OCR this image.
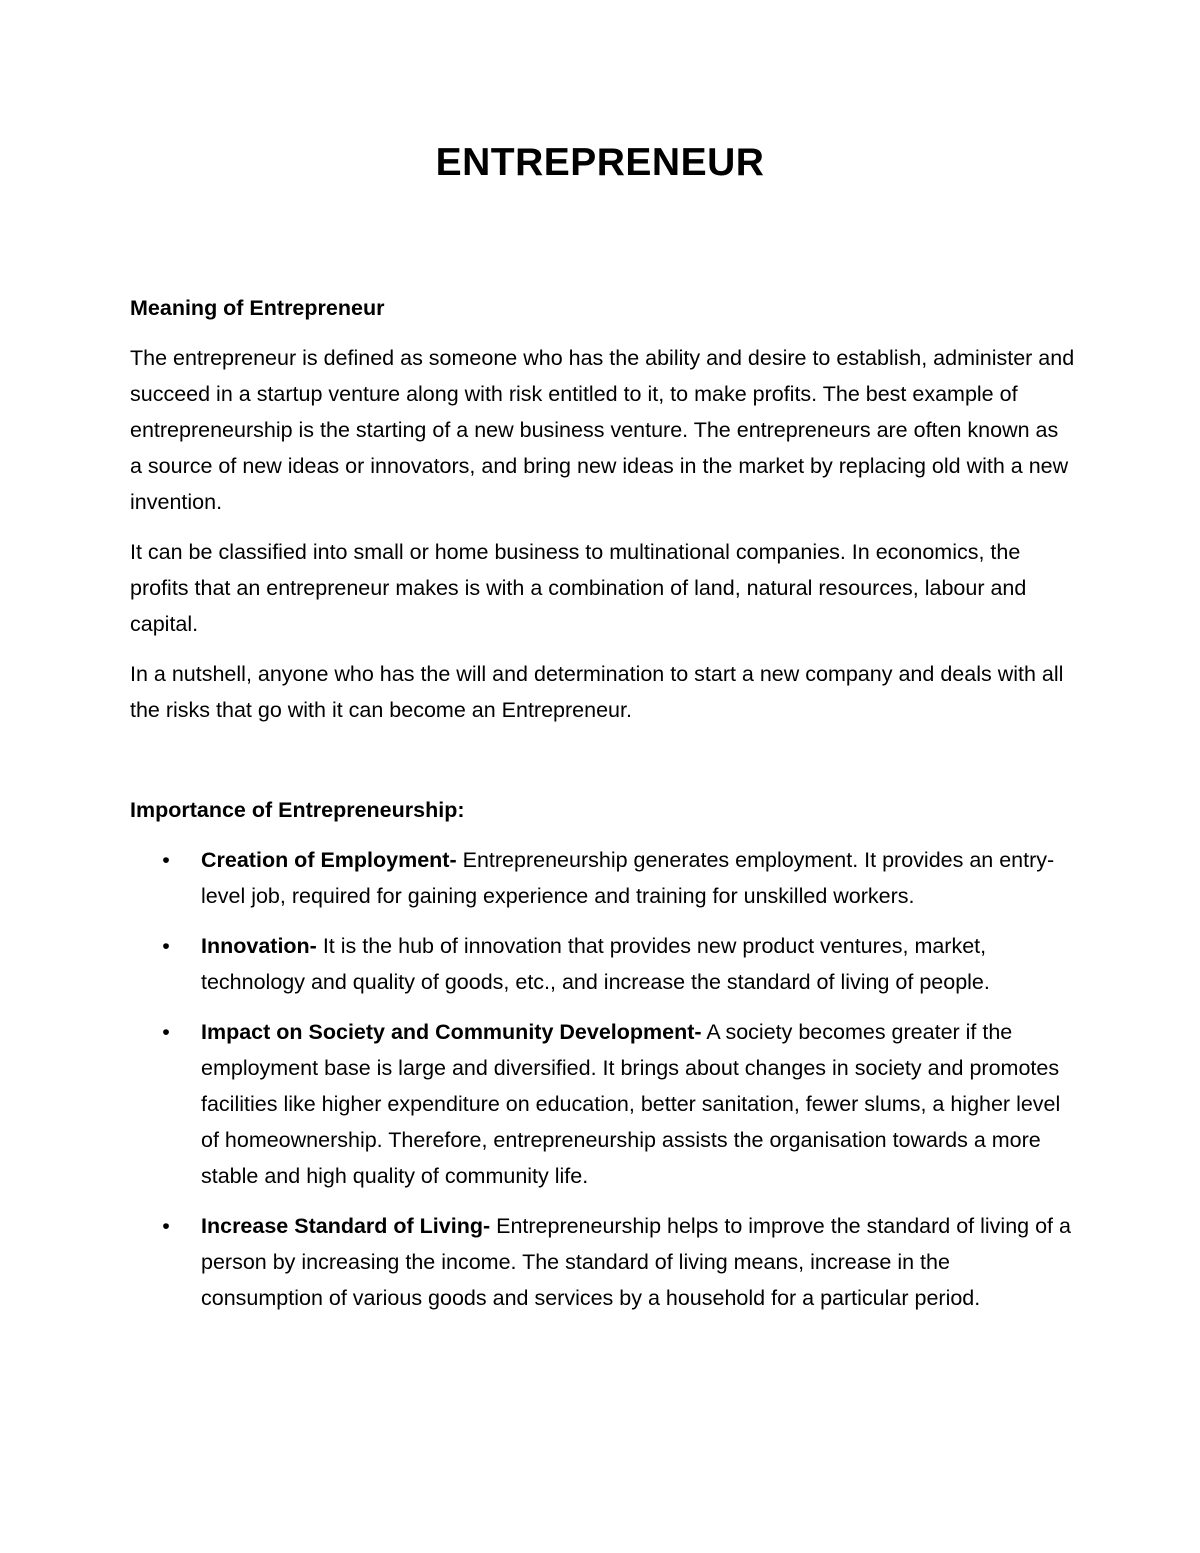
ENTREPRENEUR

Meaning of Entrepreneur

The entrepreneur is defined as someone who has the ability and desire to establish, administer and succeed in a startup venture along with risk entitled to it, to make profits. The best example of entrepreneurship is the starting of a new business venture. The entrepreneurs are often known as a source of new ideas or innovators, and bring new ideas in the market by replacing old with a new invention.

It can be classified into small or home business to multinational companies. In economics, the profits that an entrepreneur makes is with a combination of land, natural resources, labour and capital.

In a nutshell, anyone who has the will and determination to start a new company and deals with all the risks that go with it can become an Entrepreneur.

Importance of Entrepreneurship:

• Creation of Employment- Entrepreneurship generates employment. It provides an entry-level job, required for gaining experience and training for unskilled workers.
• Innovation- It is the hub of innovation that provides new product ventures, market, technology and quality of goods, etc., and increase the standard of living of people.
• Impact on Society and Community Development- A society becomes greater if the employment base is large and diversified. It brings about changes in society and promotes facilities like higher expenditure on education, better sanitation, fewer slums, a higher level of homeownership. Therefore, entrepreneurship assists the organisation towards a more stable and high quality of community life.
• Increase Standard of Living- Entrepreneurship helps to improve the standard of living of a person by increasing the income. The standard of living means, increase in the consumption of various goods and services by a household for a particular period.
